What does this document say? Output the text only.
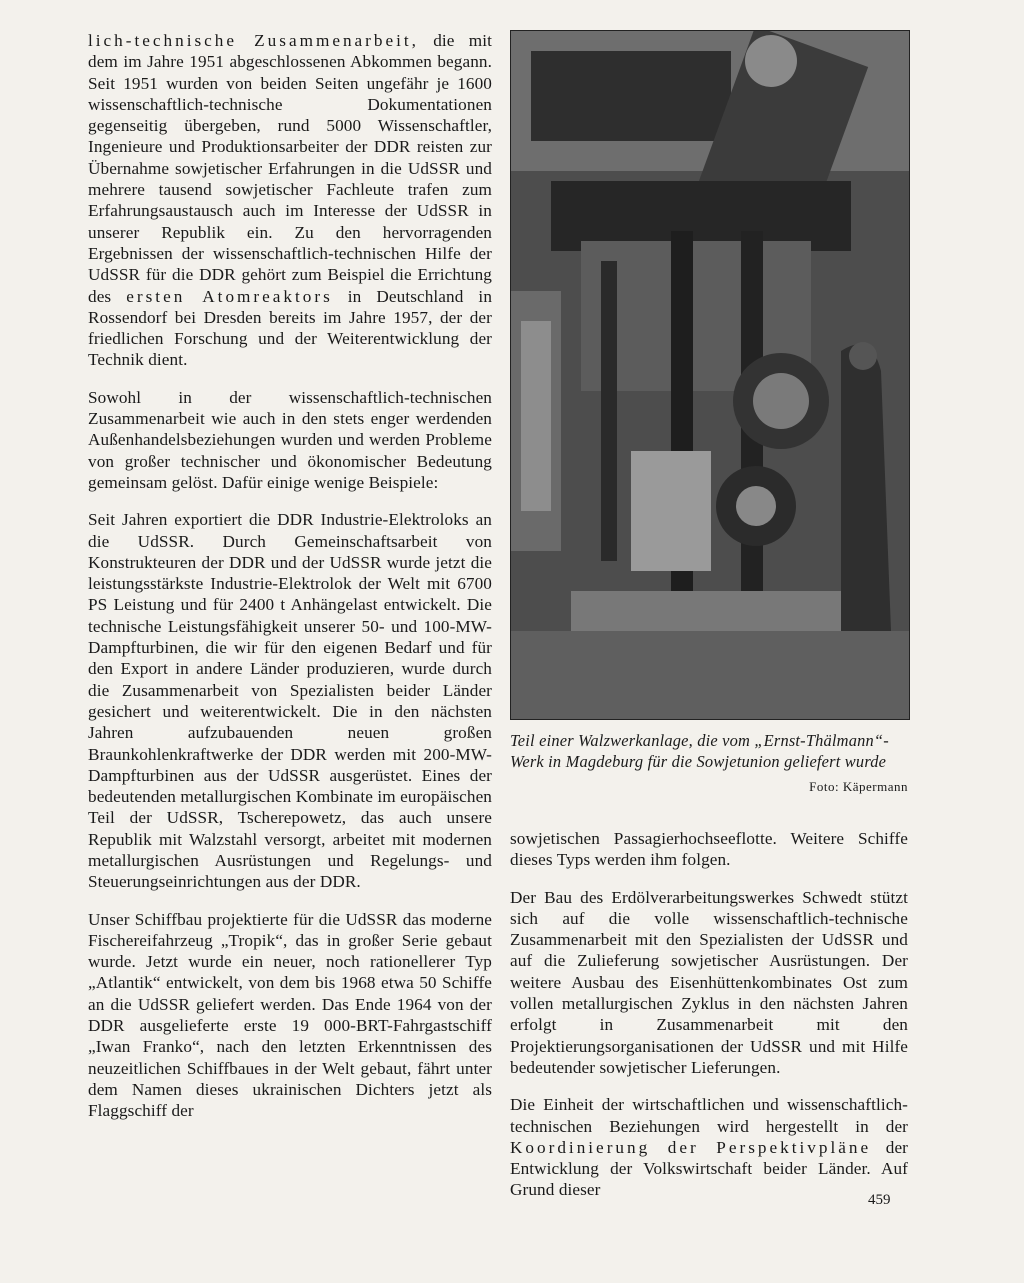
lich-technische Zusammenarbeit, die mit dem im Jahre 1951 abgeschlossenen Abkommen begann. Seit 1951 wurden von beiden Seiten ungefähr je 1600 wissenschaftlich-technische Dokumentationen gegenseitig übergeben, rund 5000 Wissenschaftler, Ingenieure und Produktionsarbeiter der DDR reisten zur Übernahme sowjetischer Erfahrungen in die UdSSR und mehrere tausend sowjetischer Fachleute trafen zum Erfahrungsaustausch auch im Interesse der UdSSR in unserer Republik ein. Zu den hervorragenden Ergebnissen der wissenschaftlich-technischen Hilfe der UdSSR für die DDR gehört zum Beispiel die Errichtung des ersten Atomreaktors in Deutschland in Rossendorf bei Dresden bereits im Jahre 1957, der der friedlichen Forschung und der Weiterentwicklung der Technik dient.

Sowohl in der wissenschaftlich-technischen Zusammenarbeit wie auch in den stets enger werdenden Außenhandelsbeziehungen wurden und werden Probleme von großer technischer und ökonomischer Bedeutung gemeinsam gelöst. Dafür einige wenige Beispiele:

Seit Jahren exportiert die DDR Industrie-Elektroloks an die UdSSR. Durch Gemeinschaftsarbeit von Konstrukteuren der DDR und der UdSSR wurde jetzt die leistungsstärkste Industrie-Elektrolok der Welt mit 6700 PS Leistung und für 2400 t Anhängelast entwickelt. Die technische Leistungsfähigkeit unserer 50- und 100-MW-Dampfturbinen, die wir für den eigenen Bedarf und für den Export in andere Länder produzieren, wurde durch die Zusammenarbeit von Spezialisten beider Länder gesichert und weiterentwickelt. Die in den nächsten Jahren aufzubauenden neuen großen Braunkohlenkraftwerke der DDR werden mit 200-MW-Dampfturbinen aus der UdSSR ausgerüstet. Eines der bedeutenden metallurgischen Kombinate im europäischen Teil der UdSSR, Tscherepowetz, das auch unsere Republik mit Walzstahl versorgt, arbeitet mit modernen metallurgischen Ausrüstungen und Regelungs- und Steuerungseinrichtungen aus der DDR.

Unser Schiffbau projektierte für die UdSSR das moderne Fischereifahrzeug „Tropik“, das in großer Serie gebaut wurde. Jetzt wurde ein neuer, noch rationellerer Typ „Atlantik“ entwickelt, von dem bis 1968 etwa 50 Schiffe an die UdSSR geliefert werden. Das Ende 1964 von der DDR ausgelieferte erste 19 000-BRT-Fahrgastschiff „Iwan Franko“, nach den letzten Erkenntnissen des neuzeitlichen Schiffbaues in der Welt gebaut, fährt unter dem Namen dieses ukrainischen Dichters jetzt als Flaggschiff der

Teil einer Walzwerkanlage, die vom „Ernst-Thälmann“-Werk in Magdeburg für die Sowjetunion geliefert wurde
Foto: Käpermann

sowjetischen Passagierhochseeflotte. Weitere Schiffe dieses Typs werden ihm folgen.

Der Bau des Erdölverarbeitungswerkes Schwedt stützt sich auf die volle wissenschaftlich-technische Zusammenarbeit mit den Spezialisten der UdSSR und auf die Zulieferung sowjetischer Ausrüstungen. Der weitere Ausbau des Eisenhüttenkombinates Ost zum vollen metallurgischen Zyklus in den nächsten Jahren erfolgt in Zusammenarbeit mit den Projektierungsorganisationen der UdSSR und mit Hilfe bedeutender sowjetischer Lieferungen.

Die Einheit der wirtschaftlichen und wissenschaftlich-technischen Beziehungen wird hergestellt in der Koordinierung der Perspektivpläne der Entwicklung der Volkswirtschaft beider Länder. Auf Grund dieser

459
